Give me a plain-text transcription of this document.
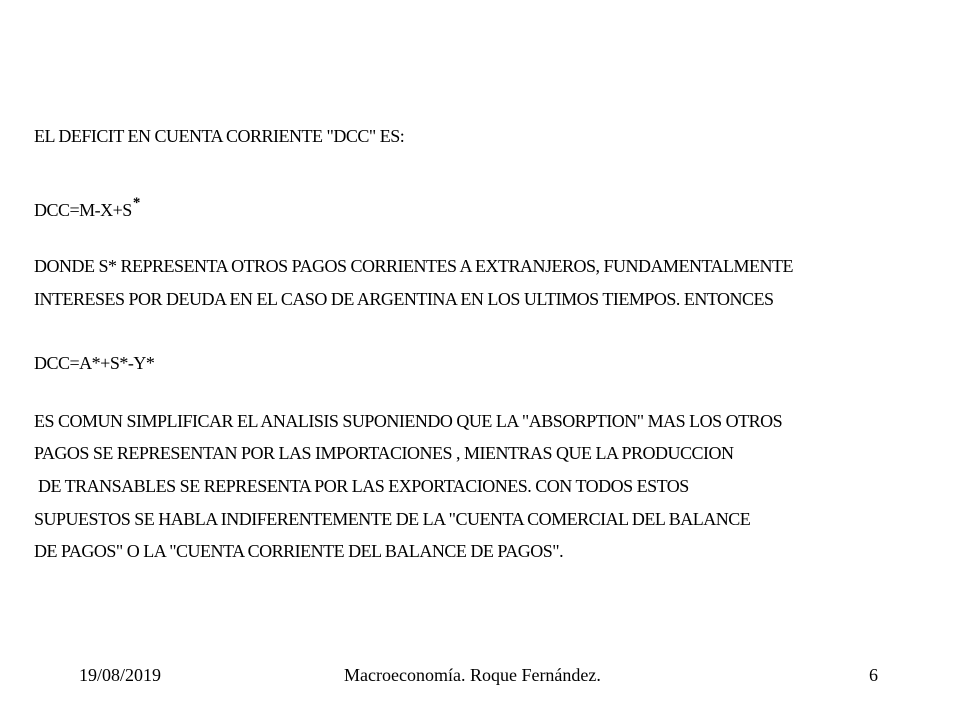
EL DEFICIT EN CUENTA CORRIENTE "DCC" ES:
DCC=M-X+S*
DONDE S* REPRESENTA OTROS PAGOS CORRIENTES A EXTRANJEROS, FUNDAMENTALMENTE
INTERESES POR DEUDA EN EL CASO DE ARGENTINA EN LOS ULTIMOS TIEMPOS. ENTONCES
DCC=A*+S*-Y*
ES COMUN SIMPLIFICAR EL ANALISIS SUPONIENDO QUE LA "ABSORPTION" MAS LOS OTROS
PAGOS SE REPRESENTAN POR LAS IMPORTACIONES , MIENTRAS QUE LA PRODUCCION
DE TRANSABLES SE REPRESENTA POR LAS EXPORTACIONES. CON TODOS ESTOS
SUPUESTOS SE HABLA INDIFERENTEMENTE DE LA "CUENTA COMERCIAL DEL BALANCE
DE PAGOS" O LA "CUENTA CORRIENTE DEL BALANCE DE PAGOS".
19/08/2019	Macroeconomía. Roque Fernández.	6
